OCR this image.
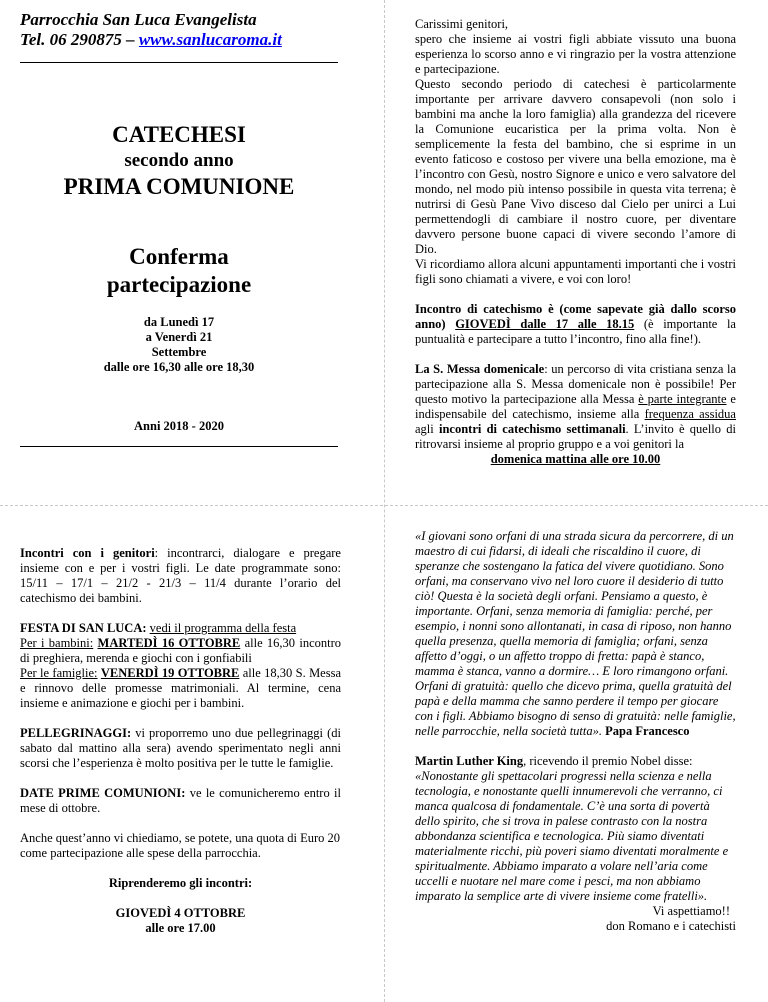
Parrocchia San Luca Evangelista
Tel. 06 290875 – www.sanlucaroma.it
CATECHESI
secondo anno
PRIMA COMUNIONE
Conferma
partecipazione
da Lunedì 17
a Venerdì 21
Settembre
dalle ore 16,30 alle ore 18,30
Anni 2018 - 2020

Carissimi genitori,

spero che insieme ai vostri figli abbiate vissuto una buona esperienza lo scorso anno e vi ringrazio per la vostra attenzione e partecipazione.

Questo secondo periodo di catechesi è particolarmente importante per arrivare davvero consapevoli (non solo i bambini ma anche la loro famiglia) alla grandezza del ricevere la Comunione eucaristica per la prima volta. Non è semplicemente la festa del bambino, che si esprime in un evento faticoso e costoso per vivere una bella emozione, ma è l’incontro con Gesù, nostro Signore e unico e vero salvatore del mondo, nel modo più intenso possibile in questa vita terrena; è nutrirsi di Gesù Pane Vivo disceso dal Cielo per unirci a Lui permettendogli di cambiare il nostro cuore, per diventare davvero persone buone capaci di vivere secondo l’amore di Dio.

Vi ricordiamo allora alcuni appuntamenti importanti che i vostri figli sono chiamati a vivere, e voi con loro!

Incontro di catechismo è (come sapevate già dallo scorso anno) GIOVEDÌ dalle 17 alle 18.15 (è importante la puntualità e partecipare a tutto l’incontro, fino alla fine!).

La S. Messa domenicale: un percorso di vita cristiana senza la partecipazione alla S. Messa domenicale non è possibile! Per questo motivo la partecipazione alla Messa è parte integrante e indispensabile del catechismo, insieme alla frequenza assidua agli incontri di catechismo settimanali. L’invito è quello di ritrovarsi insieme al proprio gruppo e a voi genitori la

domenica mattina alle ore 10.00

Incontri con i genitori: incontrarci, dialogare e pregare insieme con e per i vostri figli. Le date programmate sono: 15/11 – 17/1 – 21/2 - 21/3 – 11/4 durante l’orario del catechismo dei bambini.

FESTA DI SAN LUCA: vedi il programma della festa
Per i bambini: MARTEDÌ 16 OTTOBRE alle 16,30 incontro di preghiera, merenda e giochi con i gonfiabili
Per le famiglie: VENERDÌ 19 OTTOBRE alle 18,30 S. Messa e rinnovo delle promesse matrimoniali. Al termine, cena insieme e animazione e giochi per i bambini.

PELLEGRINAGGI: vi proporremo uno due pellegrinaggi (di sabato dal mattino alla sera) avendo sperimentato negli anni scorsi che l’esperienza è molto positiva per le tutte le famiglie.

DATE PRIME COMUNIONI: ve le comunicheremo entro il mese di ottobre.

Anche quest’anno vi chiediamo, se potete, una quota di Euro 20 come partecipazione alle spese della parrocchia.

Riprenderemo gli incontri:
GIOVEDÌ 4 OTTOBRE
alle ore 17.00

«I giovani sono orfani di una strada sicura da percorrere, di un maestro di cui fidarsi, di ideali che riscaldino il cuore, di speranze che sostengano la fatica del vivere quotidiano. Sono orfani, ma conservano vivo nel loro cuore il desiderio di tutto ciò! Questa è la società degli orfani. Pensiamo a questo, è importante. Orfani, senza memoria di famiglia: perché, per esempio, i nonni sono allontanati, in casa di riposo, non hanno quella presenza, quella memoria di famiglia; orfani, senza affetto d’oggi, o un affetto troppo di fretta: papà è stanco, mamma è stanca, vanno a dormire… E loro rimangono orfani. Orfani di gratuità: quello che dicevo prima, quella gratuità del papà e della mamma che sanno perdere il tempo per giocare con i figli. Abbiamo bisogno di senso di gratuità: nelle famiglie, nelle parrocchie, nella società tutta». Papa Francesco

Martin Luther King, ricevendo il premio Nobel disse:

«Nonostante gli spettacolari progressi nella scienza e nella tecnologia, e nonostante quelli innumerevoli che verranno, ci manca qualcosa di fondamentale. C’è una sorta di povertà dello spirito, che si trova in palese contrasto con la nostra abbondanza scientifica e tecnologica. Più siamo diventati materialmente ricchi, più poveri siamo diventati moralmente e spiritualmente. Abbiamo imparato a volare nell’aria come uccelli e nuotare nel mare come i pesci, ma non abbiamo imparato la semplice arte di vivere insieme come fratelli».

Vi aspettiamo!!

don Romano e i catechisti
